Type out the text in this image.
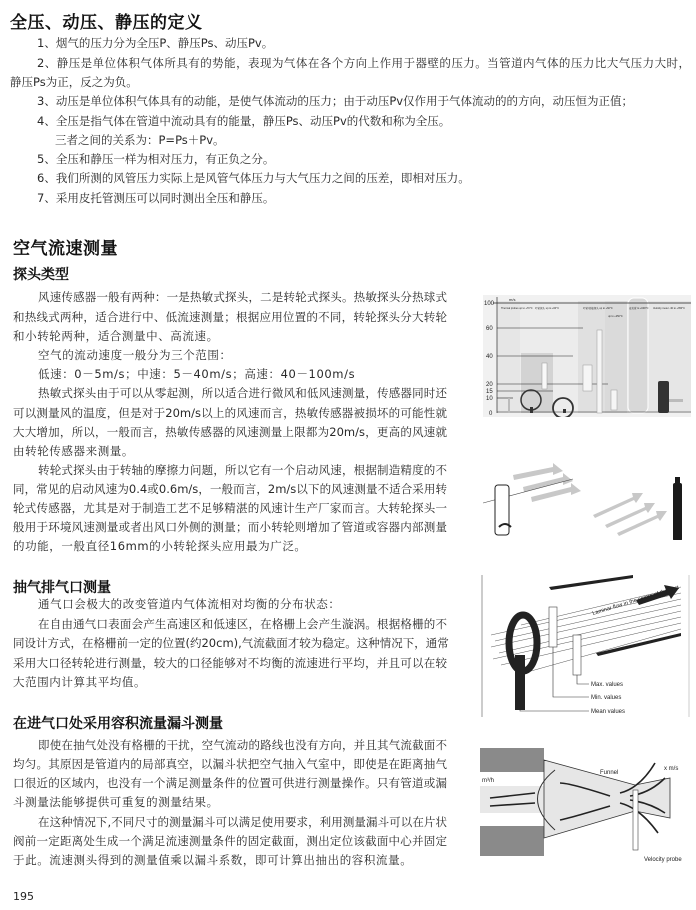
全压、动压、静压的定义
1、烟气的压力分为全压P、静压Ps、动压Pv。
2、静压是单位体积气体所具有的势能，表现为气体在各个方向上作用于器壁的压力。当管道内气体的压力比大气压力大时，
静压Ps为正，反之为负。
3、动压是单位体积气体具有的动能，是使气体流动的压力；由于动压Pv仅作用于气体流动的的方向，动压恒为正值；
4、全压是指气体在管道中流动具有的能量，静压Ps、动压Pv的代数和称为全压。
三者之间的关系为：P=Ps＋Pv。
5、全压和静压一样为相对压力，有正负之分。
6、我们所测的风管压力实际上是风管气体压力与大气压力之间的压差，即相对压力。
7、采用皮托管测压可以同时测出全压和静压。
空气流速测量
探头类型
风速传感器一般有两种：一是热敏式探头，二是转轮式探头。热敏探头分热球式
和热线式两种，适合进行中、低流速测量；根据应用位置的不同，转轮探头分大转轮
和小转轮两种，适合测量中、高流速。
空气的流动速度一般分为三个范围：
低速：0－5m/s；中速：5－40m/s；高速：40－100m/s
热敏式探头由于可以从零起测，所以适合进行微风和低风速测量，传感器同时还
可以测量风的温度，但是对于20m/s以上的风速而言，热敏传感器被损坏的可能性就
大大增加，所以，一般而言，热敏传感器的风速测量上限都为20m/s，更高的风速就
由转轮传感器来测量。
转轮式探头由于转轴的摩擦力问题，所以它有一个启动风速，根据制造精度的不
同，常见的启动风速为0.4或0.6m/s，一般而言，2m/s以下的风速测量不适合采用转
轮式传感器，尤其是对于制造工艺不足够精湛的风速计生产厂家而言。大转轮探头一
般用于环境风速测量或者出风口外侧的测量；而小转轮则增加了管道或容器内部测量
的功能，一般直径16mm的小转轮探头应用最为广泛。
100
60
40
20
15
10
0
m/s
Thermal probes up to +70°C 叶轮探头 up to +60°C	叶轮/热敏探头 up to +60°C
up to +250°C
皮托管 to +600°C Velocity meter -40 to +350°C
抽气排气口测量
通气口会极大的改变管道内气体流相对均衡的分布状态：
在自由通气口表面会产生高速区和低速区，在格栅上会产生漩涡。根据格栅的不
同设计方式，在格栅前一定的位置(约20cm),气流截面才较为稳定。这种情况下，通常
采用大口径转轮进行测量，较大的口径能够对不均衡的流速进行平均，并且可以在较
大范围内计算其平均值。
Laminar flow in the centre of the duct
Max. values
Min. values
Mean values
在进气口处采用容积流量漏斗测量
即使在抽气处没有格栅的干扰，空气流动的路线也没有方向，并且其气流截面不
均匀。其原因是管道内的局部真空，以漏斗状把空气抽入气室中，即使是在距离抽气
口很近的区域内，也没有一个满足测量条件的位置可供进行测量操作。只有管道或漏
斗测量法能够提供可重复的测量结果。
在这种情况下,不同尺寸的测量漏斗可以满足使用要求，利用测量漏斗可以在片状
阀前一定距离处生成一个满足流速测量条件的固定截面，测出定位该截面中心并固定
于此。流速测头得到的测量值乘以漏斗系数，即可计算出抽出的容积流量。
Funnel
x m/s
m³/h
Velocity probe
195
